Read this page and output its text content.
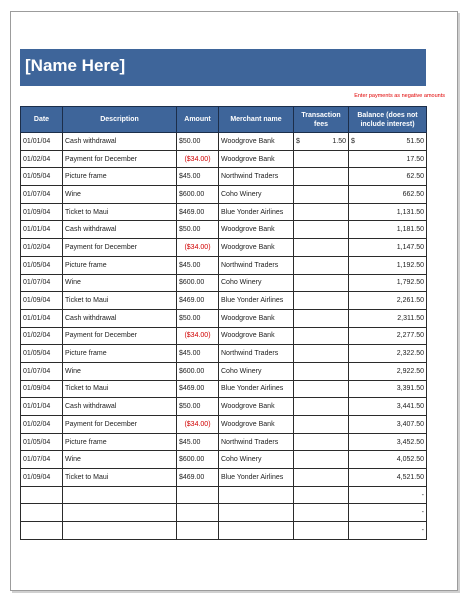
[Name Here]
Enter payments as negative amounts
Date	Description	Amount	Merchant name	Transaction fees	Balance (does not include interest)
01/01/04	Cash withdrawal	$50.00	Woodgrove Bank	$ 1.50	$ 51.50

01/02/04	Payment for December	($34.00)	Woodgrove Bank		17.50
01/05/04	Picture frame	$45.00	Northwind Traders		62.50
01/07/04	Wine	$600.00	Coho Winery		662.50
01/09/04	Ticket to Maui	$469.00	Blue Yonder Airlines		1,131.50
01/01/04	Cash withdrawal	$50.00	Woodgrove Bank		1,181.50
01/02/04	Payment for December	($34.00)	Woodgrove Bank		1,147.50
01/05/04	Picture frame	$45.00	Northwind Traders		1,192.50
01/07/04	Wine	$600.00	Coho Winery		1,792.50
01/09/04	Ticket to Maui	$469.00	Blue Yonder Airlines		2,261.50
01/01/04	Cash withdrawal	$50.00	Woodgrove Bank		2,311.50
01/02/04	Payment for December	($34.00)	Woodgrove Bank		2,277.50
01/05/04	Picture frame	$45.00	Northwind Traders		2,322.50
01/07/04	Wine	$600.00	Coho Winery		2,922.50
01/09/04	Ticket to Maui	$469.00	Blue Yonder Airlines		3,391.50
01/01/04	Cash withdrawal	$50.00	Woodgrove Bank		3,441.50
01/02/04	Payment for December	($34.00)	Woodgrove Bank		3,407.50
01/05/04	Picture frame	$45.00	Northwind Traders		3,452.50
01/07/04	Wine	$600.00	Coho Winery		4,052.50
01/09/04	Ticket to Maui	$469.00	Blue Yonder Airlines		4,521.50
					-
					-
					-
